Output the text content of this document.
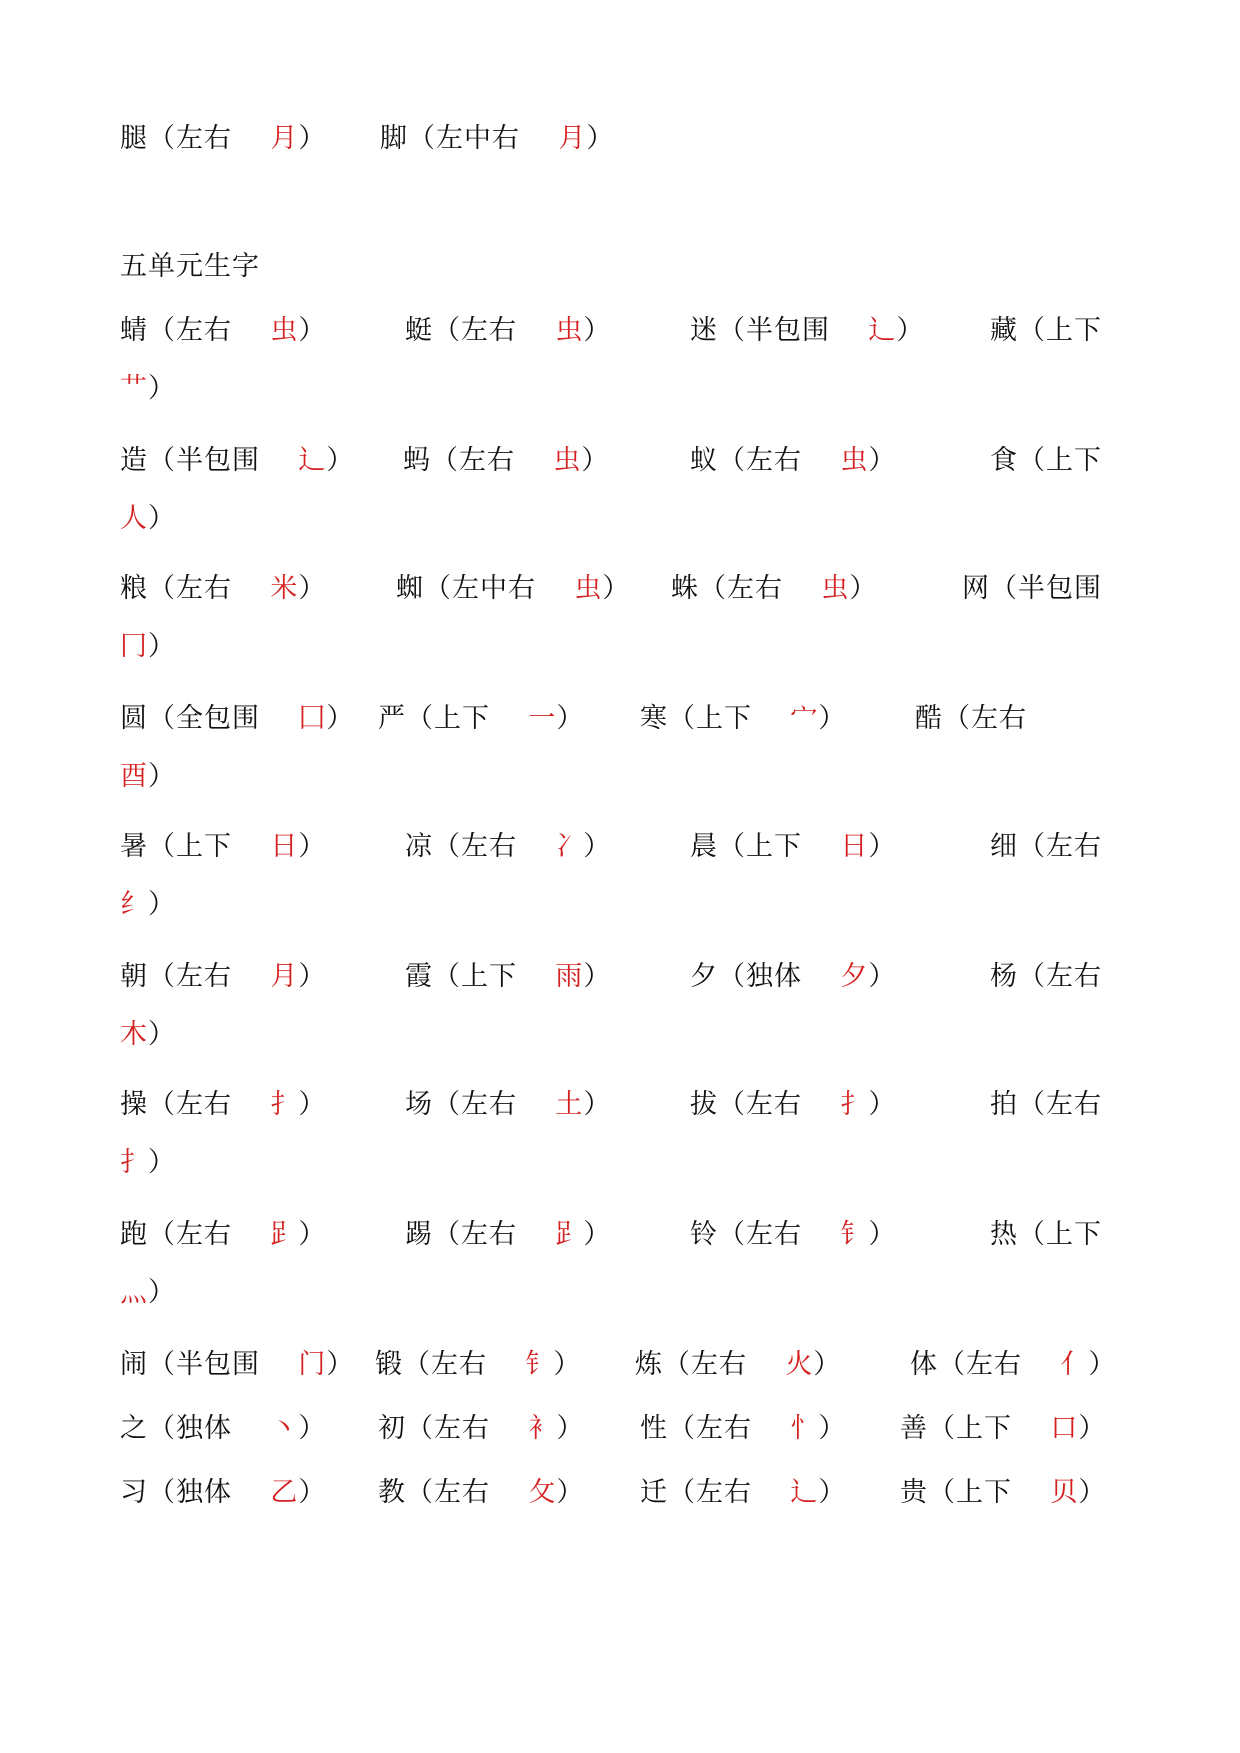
腿（左右 月） 脚（左中右 月）
蜻（左右 虫）	蜓（左右 虫）	迷（半包围 辶） 藏（上下
艹）
造（半包围 辶） 蚂（左右 虫）	蚁（左右 虫）	食（上下
人）
粮（左右 米）	蜘（左中右 虫） 蛛（左右 虫）	网（半包围
冂）
圆（全包围 囗） 严（上下 一） 寒（上下 宀）	酷（左右
酉）
暑（上下 日）	凉（左右 冫）	晨（上下 日）	细（左右
纟）
朝（左右 月）	霞（上下 雨）	夕（独体 夕）	杨（左右
木）
操（左右 扌）	场（左右 土）	拔（左右 扌）	拍（左右
扌）
跑（左右 𧾷）	踢（左右 𧾷）	铃（左右 钅）	热（上下
灬）
闹（半包围 门） 锻（左右 钅） 炼（左右 火）	体（左右 亻）
之（独体 丶） 初（左右 衤） 性（左右 忄） 善（上下 口）
习（独体 乙） 教（左右 攵） 迁（左右 辶） 贵（上下 贝）
五单元生字
